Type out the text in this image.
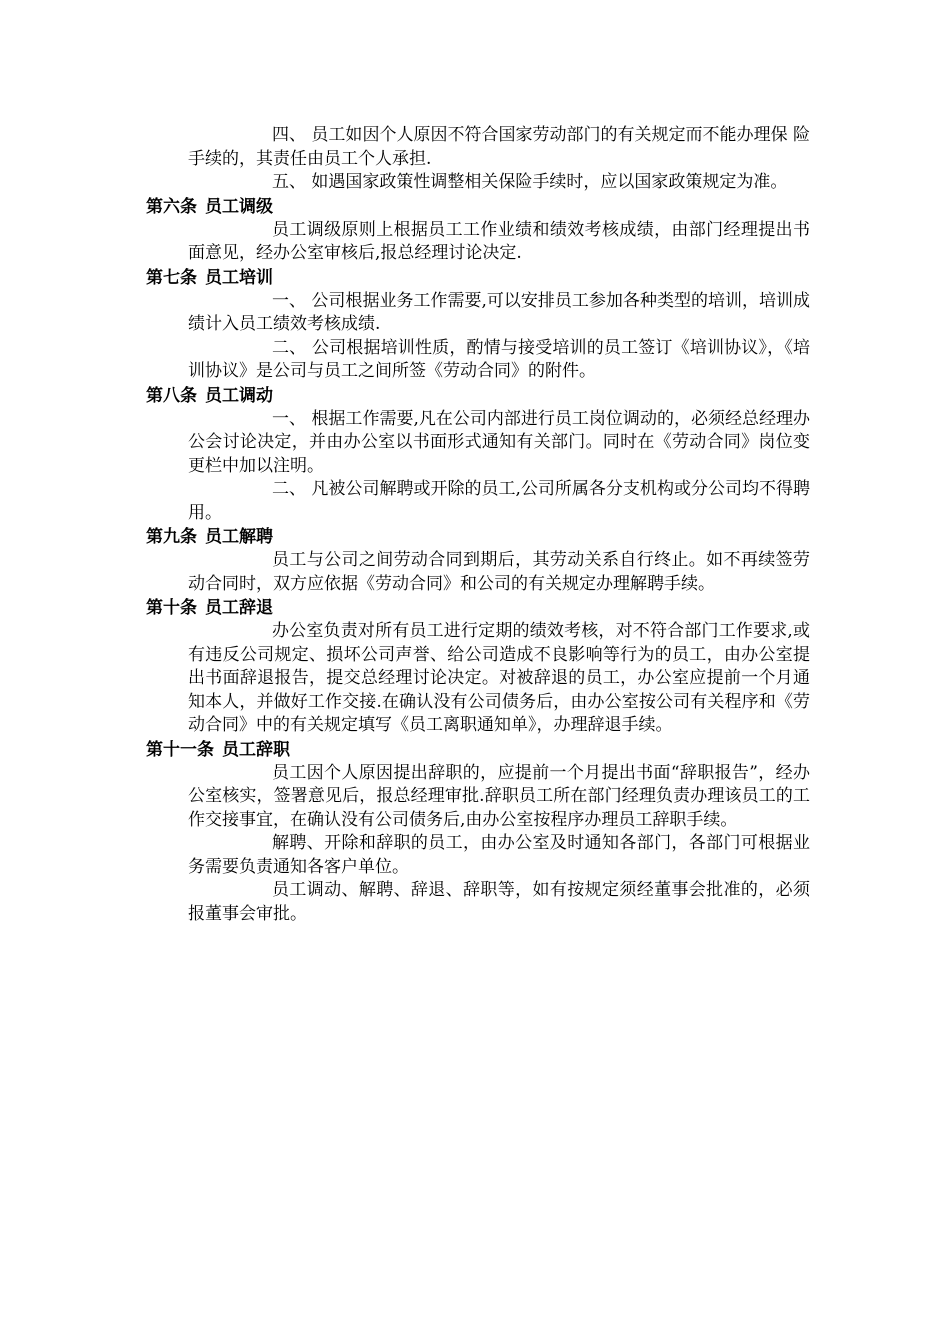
四、 员工如因个人原因不符合国家劳动部门的有关规定而不能办理保 险手续的，其责任由员工个人承担.

五、 如遇国家政策性调整相关保险手续时，应以国家政策规定为准。

第六条 员工调级

员工调级原则上根据员工工作业绩和绩效考核成绩，由部门经理提出书面意见，经办公室审核后,报总经理讨论决定.

第七条 员工培训

一、 公司根据业务工作需要,可以安排员工参加各种类型的培训，培训成绩计入员工绩效考核成绩.

二、 公司根据培训性质，酌情与接受培训的员工签订《培训协议》，《培 训协议》是公司与员工之间所签《劳动合同》的附件。

第八条 员工调动

一、 根据工作需要,凡在公司内部进行员工岗位调动的，必须经总经理办公会讨论决定，并由办公室以书面形式通知有关部门。同时在《劳动合同》岗位变更栏中加以注明。

二、 凡被公司解聘或开除的员工,公司所属各分支机构或分公司均不得聘用。

第九条 员工解聘

员工与公司之间劳动合同到期后，其劳动关系自行终止。如不再续签劳动合同时，双方应依据《劳动合同》和公司的有关规定办理解聘手续。

第十条 员工辞退

办公室负责对所有员工进行定期的绩效考核，对不符合部门工作要求,或有违反公司规定、损坏公司声誉、给公司造成不良影响等行为的员工，由办公室提出书面辞退报告，提交总经理讨论决定。对被辞退的员工，办公室应提前一个月通知本人，并做好工作交接.在确认没有公司债务后，由办公室按公司有关程序和《劳动合同》中的有关规定填写《员工离职通知单》，办理辞退手续。

第十一条 员工辞职

员工因个人原因提出辞职的，应提前一个月提出书面“辞职报告”，经办公室核实，签署意见后，报总经理审批.辞职员工所在部门经理负责办理该员工的工作交接事宜，在确认没有公司债务后,由办公室按程序办理员工辞职手续。

解聘、开除和辞职的员工，由办公室及时通知各部门，各部门可根据业务需要负责通知各客户单位。

员工调动、解聘、辞退、辞职等，如有按规定须经董事会批准的，必须报董事会审批。
